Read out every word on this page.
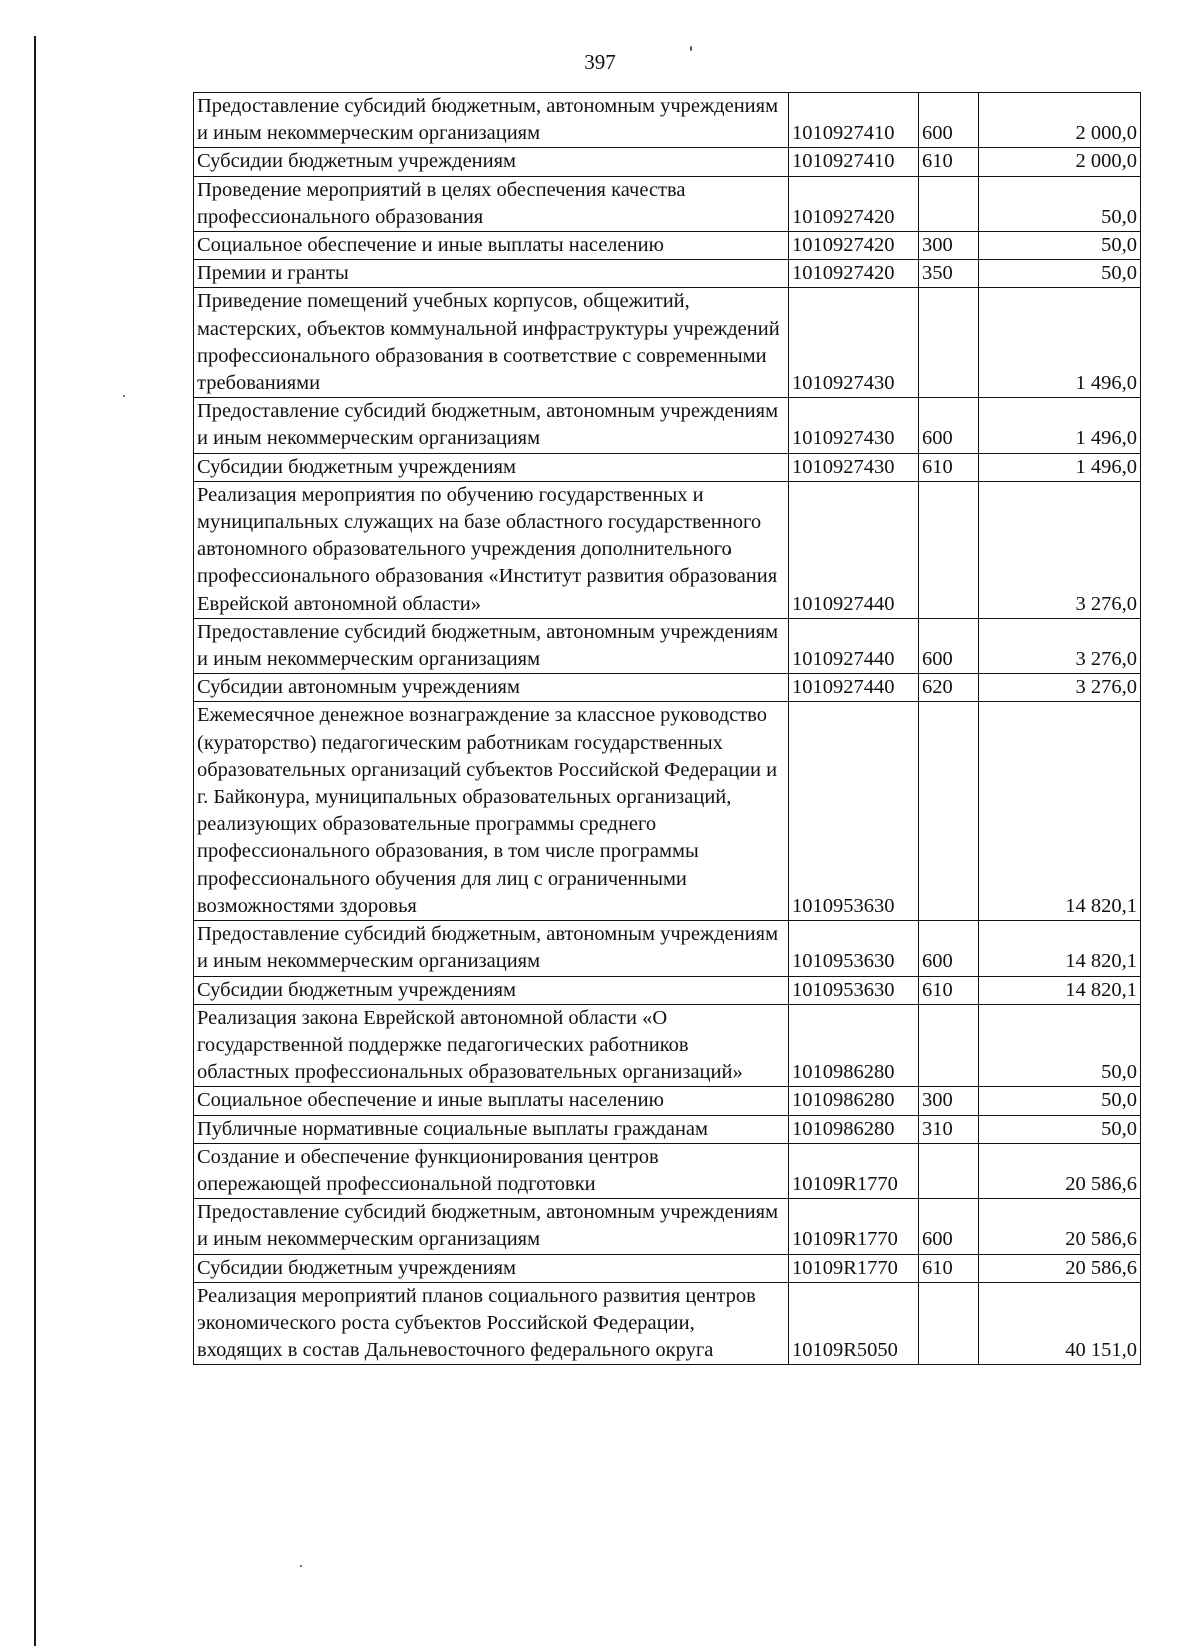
397
Предоставление субсидий бюджетным, автономным учреждениям и иным некоммерческим организациям	1010927410	600	2 000,0
Субсидии бюджетным учреждениям	1010927410	610	2 000,0
Проведение мероприятий в целях обеспечения качества профессионального образования	1010927420		50,0
Социальное обеспечение и иные выплаты населению	1010927420	300	50,0
Премии и гранты	1010927420	350	50,0
Приведение помещений учебных корпусов, общежитий, мастерских, объектов коммунальной инфраструктуры учреждений профессионального образования в соответствие с современными требованиями	1010927430		1 496,0
Предоставление субсидий бюджетным, автономным учреждениям и иным некоммерческим организациям	1010927430	600	1 496,0
Субсидии бюджетным учреждениям	1010927430	610	1 496,0
Реализация мероприятия по обучению государственных и муниципальных служащих на базе областного государственного автономного образовательного учреждения дополнительного профессионального образования «Институт развития образования Еврейской автономной области»	1010927440		3 276,0
Предоставление субсидий бюджетным, автономным учреждениям и иным некоммерческим организациям	1010927440	600	3 276,0
Субсидии автономным учреждениям	1010927440	620	3 276,0
Ежемесячное денежное вознаграждение за классное руководство (кураторство) педагогическим работникам государственных образовательных организаций субъектов Российской Федерации и г. Байконура, муниципальных образовательных организаций, реализующих образовательные программы среднего профессионального образования, в том числе программы профессионального обучения для лиц с ограниченными возможностями здоровья	1010953630		14 820,1
Предоставление субсидий бюджетным, автономным учреждениям и иным некоммерческим организациям	1010953630	600	14 820,1
Субсидии бюджетным учреждениям	1010953630	610	14 820,1
Реализация закона Еврейской автономной области «О государственной поддержке педагогических работников областных профессиональных образовательных организаций»	1010986280		50,0
Социальное обеспечение и иные выплаты населению	1010986280	300	50,0
Публичные нормативные социальные выплаты гражданам	1010986280	310	50,0
Создание и обеспечение функционирования центров опережающей профессиональной подготовки	10109R1770		20 586,6
Предоставление субсидий бюджетным, автономным учреждениям и иным некоммерческим организациям	10109R1770	600	20 586,6
Субсидии бюджетным учреждениям	10109R1770	610	20 586,6
Реализация мероприятий планов социального развития центров экономического роста субъектов Российской Федерации, входящих в состав Дальневосточного федерального округа	10109R5050		40 151,0
